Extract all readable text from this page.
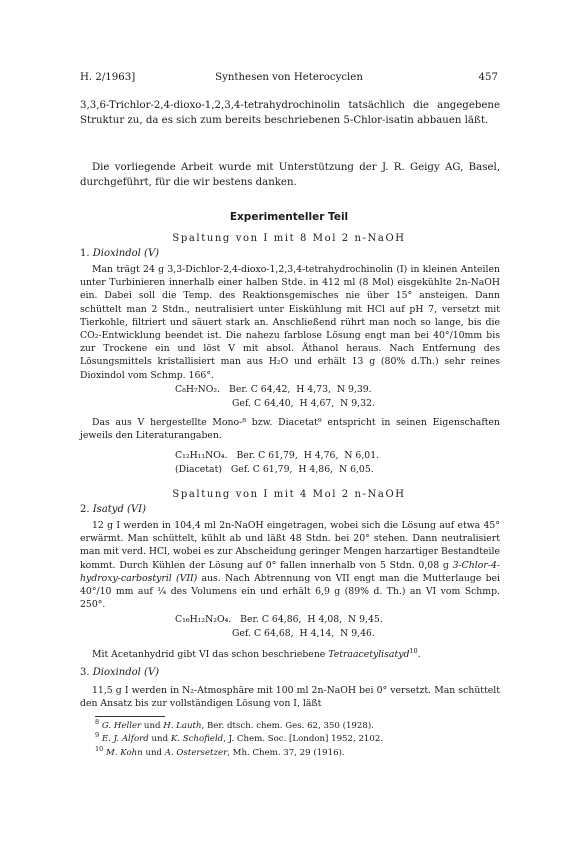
H. 2/1963]	Synthesen von Heterocyclen	457
3,3,6-Trichlor-2,4-dioxo-1,2,3,4-tetrahydrochinolin tatsächlich die angegebene Struktur zu, da es sich zum bereits beschriebenen 5-Chlor-isatin abbauen läßt.
Die vorliegende Arbeit wurde mit Unterstützung der J. R. Geigy AG, Basel, durchgeführt, für die wir bestens danken.
Experimenteller Teil
Spaltung von I mit 8 Mol 2 n-NaOH
1. Dioxindol (V)
Man trägt 24 g 3,3-Dichlor-2,4-dioxo-1,2,3,4-tetrahydrochinolin (I) in kleinen Anteilen unter Turbinieren innerhalb einer halben Stde. in 412 ml (8 Mol) eisgekühlte 2n-NaOH ein. Dabei soll die Temp. des Reaktionsgemisches nie über 15° ansteigen. Dann schüttelt man 2 Stdn., neutralisiert unter Eiskühlung mit HCl auf pH 7, versetzt mit Tierkohle, filtriert und säuert stark an. Anschließend rührt man noch so lange, bis die CO₂-Entwicklung beendet ist. Die nahezu farblose Lösung engt man bei 40°/10mm bis zur Trockene ein und löst V mit absol. Äthanol heraus. Nach Entfernung des Lösungsmittels kristallisiert man aus H₂O und erhält 13 g (80% d.Th.) sehr reines Dioxindol vom Schmp. 166°.
C₈H₇NO₂. Ber. C 64,42,  H 4,73,  N 9,39.
Gef. C 64,40,  H 4,67,  N 9,32.
Das aus V hergestellte Mono-⁸ bzw. Diacetat⁹ entspricht in seinen Eigenschaften jeweils den Literaturangaben.
C₁₂H₁₁NO₄. Ber. C 61,79,  H 4,76,  N 6,01.
(Diacetat) Gef. C 61,79,  H 4,86,  N 6,05.
Spaltung von I mit 4 Mol 2 n-NaOH
2. Isatyd (VI)
12 g I werden in 104,4 ml 2n-NaOH eingetragen, wobei sich die Lösung auf etwa 45° erwärmt. Man schüttelt, kühlt ab und läßt 48 Stdn. bei 20° stehen. Dann neutralisiert man mit verd. HCl, wobei es zur Abscheidung geringer Mengen harzartiger Bestandteile kommt. Durch Kühlen der Lösung auf 0° fallen innerhalb von 5 Stdn. 0,08 g 3-Chlor-4-hydroxy-carbostyril (VII) aus. Nach Abtrennung von VII engt man die Mutterlauge bei 40°/10 mm auf ¼ des Volumens ein und erhält 6,9 g (89% d. Th.) an VI vom Schmp. 250°.
C₁₆H₁₂N₂O₄. Ber. C 64,86,  H 4,08,  N 9,45.
Gef. C 64,68,  H 4,14,  N 9,46.
Mit Acetanhydrid gibt VI das schon beschriebene Tetraacetylisatyd$^{10}$.
3. Dioxindol (V)
11,5 g I werden in N₂-Atmosphäre mit 100 ml 2n-NaOH bei 0° versetzt. Man schüttelt den Ansatz bis zur vollständigen Lösung von I, läßt
$^8$ G. Heller und H. Lauth, Ber. dtsch. chem. Ges. 62, 350 (1928).
$^9$ E. J. Alford und K. Schofield, J. Chem. Soc. [London] 1952, 2102.
$^{10}$ M. Kohn und A. Ostersetzer, Mh. Chem. 37, 29 (1916).
